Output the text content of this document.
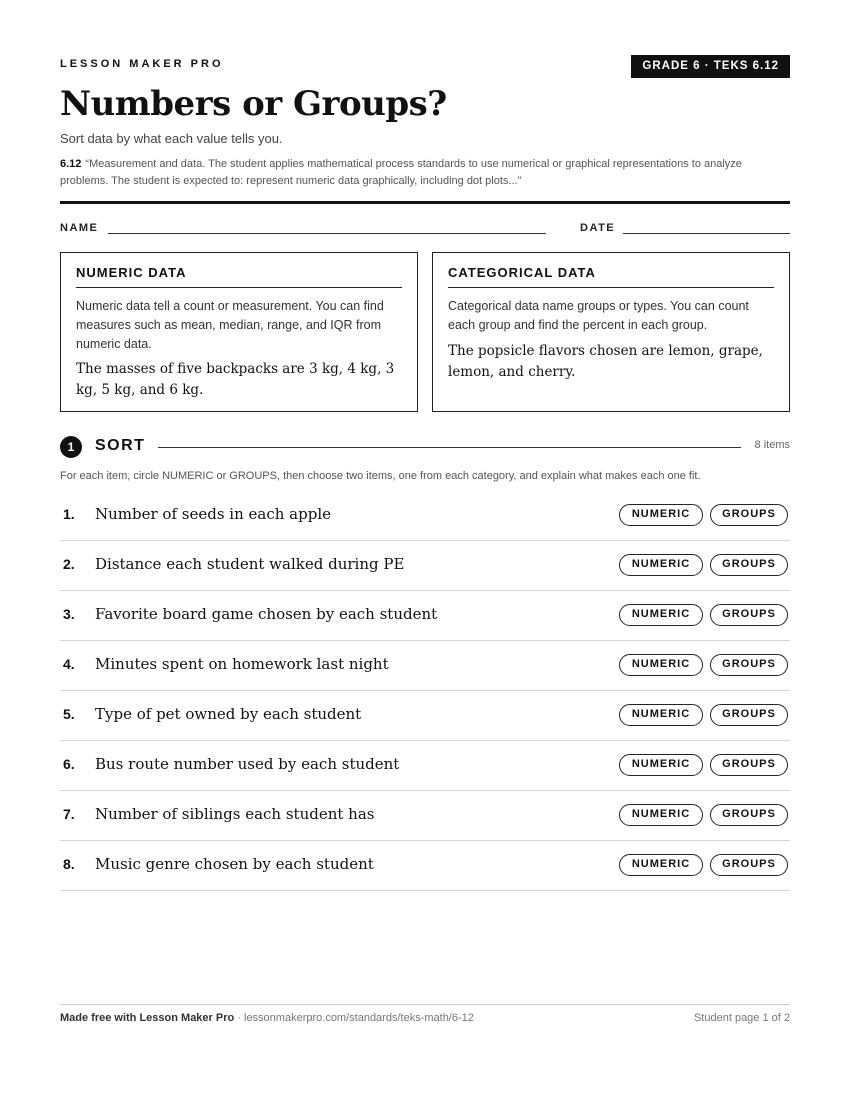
LESSON MAKER PRO	GRADE 6 · TEKS 6.12
Numbers or Groups?
Sort data by what each value tells you.
6.12 “Measurement and data. The student applies mathematical process standards to use numerical or graphical representations to analyze problems. The student is expected to: represent numeric data graphically, including dot plots...”
NAME	DATE
NUMERIC DATA
Numeric data tell a count or measurement. You can find measures such as mean, median, range, and IQR from numeric data.
The masses of five backpacks are 3 kg, 4 kg, 3 kg, 5 kg, and 6 kg.
CATEGORICAL DATA
Categorical data name groups or types. You can count each group and find the percent in each group.
The popsicle flavors chosen are lemon, grape, lemon, and cherry.
1	SORT	8 items
For each item, circle NUMERIC or GROUPS, then choose two items, one from each category, and explain what makes each one fit.
1. Number of seeds in each apple	NUMERIC	GROUPS
2. Distance each student walked during PE	NUMERIC	GROUPS
3. Favorite board game chosen by each student	NUMERIC	GROUPS
4. Minutes spent on homework last night	NUMERIC	GROUPS
5. Type of pet owned by each student	NUMERIC	GROUPS
6. Bus route number used by each student	NUMERIC	GROUPS
7. Number of siblings each student has	NUMERIC	GROUPS
8. Music genre chosen by each student	NUMERIC	GROUPS
Made free with Lesson Maker Pro · lessonmakerpro.com/standards/teks-math/6-12	Student page 1 of 2
